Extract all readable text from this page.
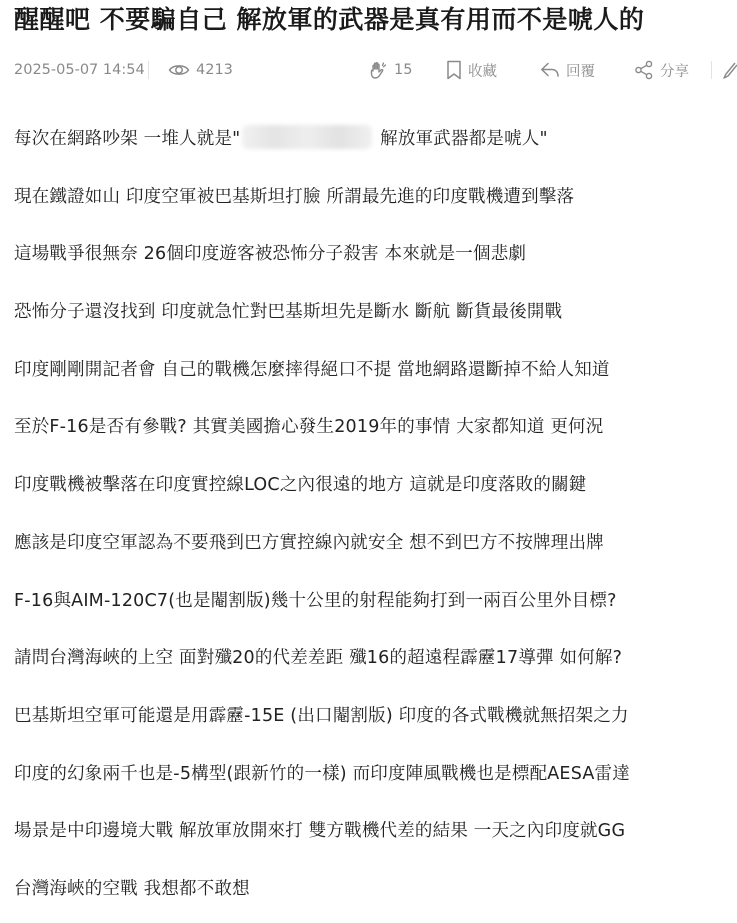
醒醒吧 不要騙自己 解放軍的武器是真有用而不是唬人的
2025-05-07 14:54	4213	15	收藏	回覆	分享

每次在網路吵架 一堆人就是"	解放軍武器都是唬人"

現在鐵證如山 印度空軍被巴基斯坦打臉 所謂最先進的印度戰機遭到擊落

這場戰爭很無奈 26個印度遊客被恐怖分子殺害 本來就是一個悲劇

恐怖分子還沒找到 印度就急忙對巴基斯坦先是斷水 斷航 斷貨最後開戰

印度剛剛開記者會 自己的戰機怎麼摔得絕口不提 當地網路還斷掉不給人知道

至於F-16是否有參戰? 其實美國擔心發生2019年的事情 大家都知道 更何況

印度戰機被擊落在印度實控線LOC之內很遠的地方 這就是印度落敗的關鍵

應該是印度空軍認為不要飛到巴方實控線內就安全 想不到巴方不按牌理出牌

F-16與AIM-120C7(也是閹割版)幾十公里的射程能夠打到一兩百公里外目標?

請問台灣海峽的上空 面對殲20的代差差距 殲16的超遠程霹靂17導彈 如何解?

巴基斯坦空軍可能還是用霹靂-15E (出口閹割版) 印度的各式戰機就無招架之力

印度的幻象兩千也是-5構型(跟新竹的一樣) 而印度陣風戰機也是標配AESA雷達

場景是中印邊境大戰 解放軍放開來打 雙方戰機代差的結果 一天之內印度就GG

台灣海峽的空戰 我想都不敢想
